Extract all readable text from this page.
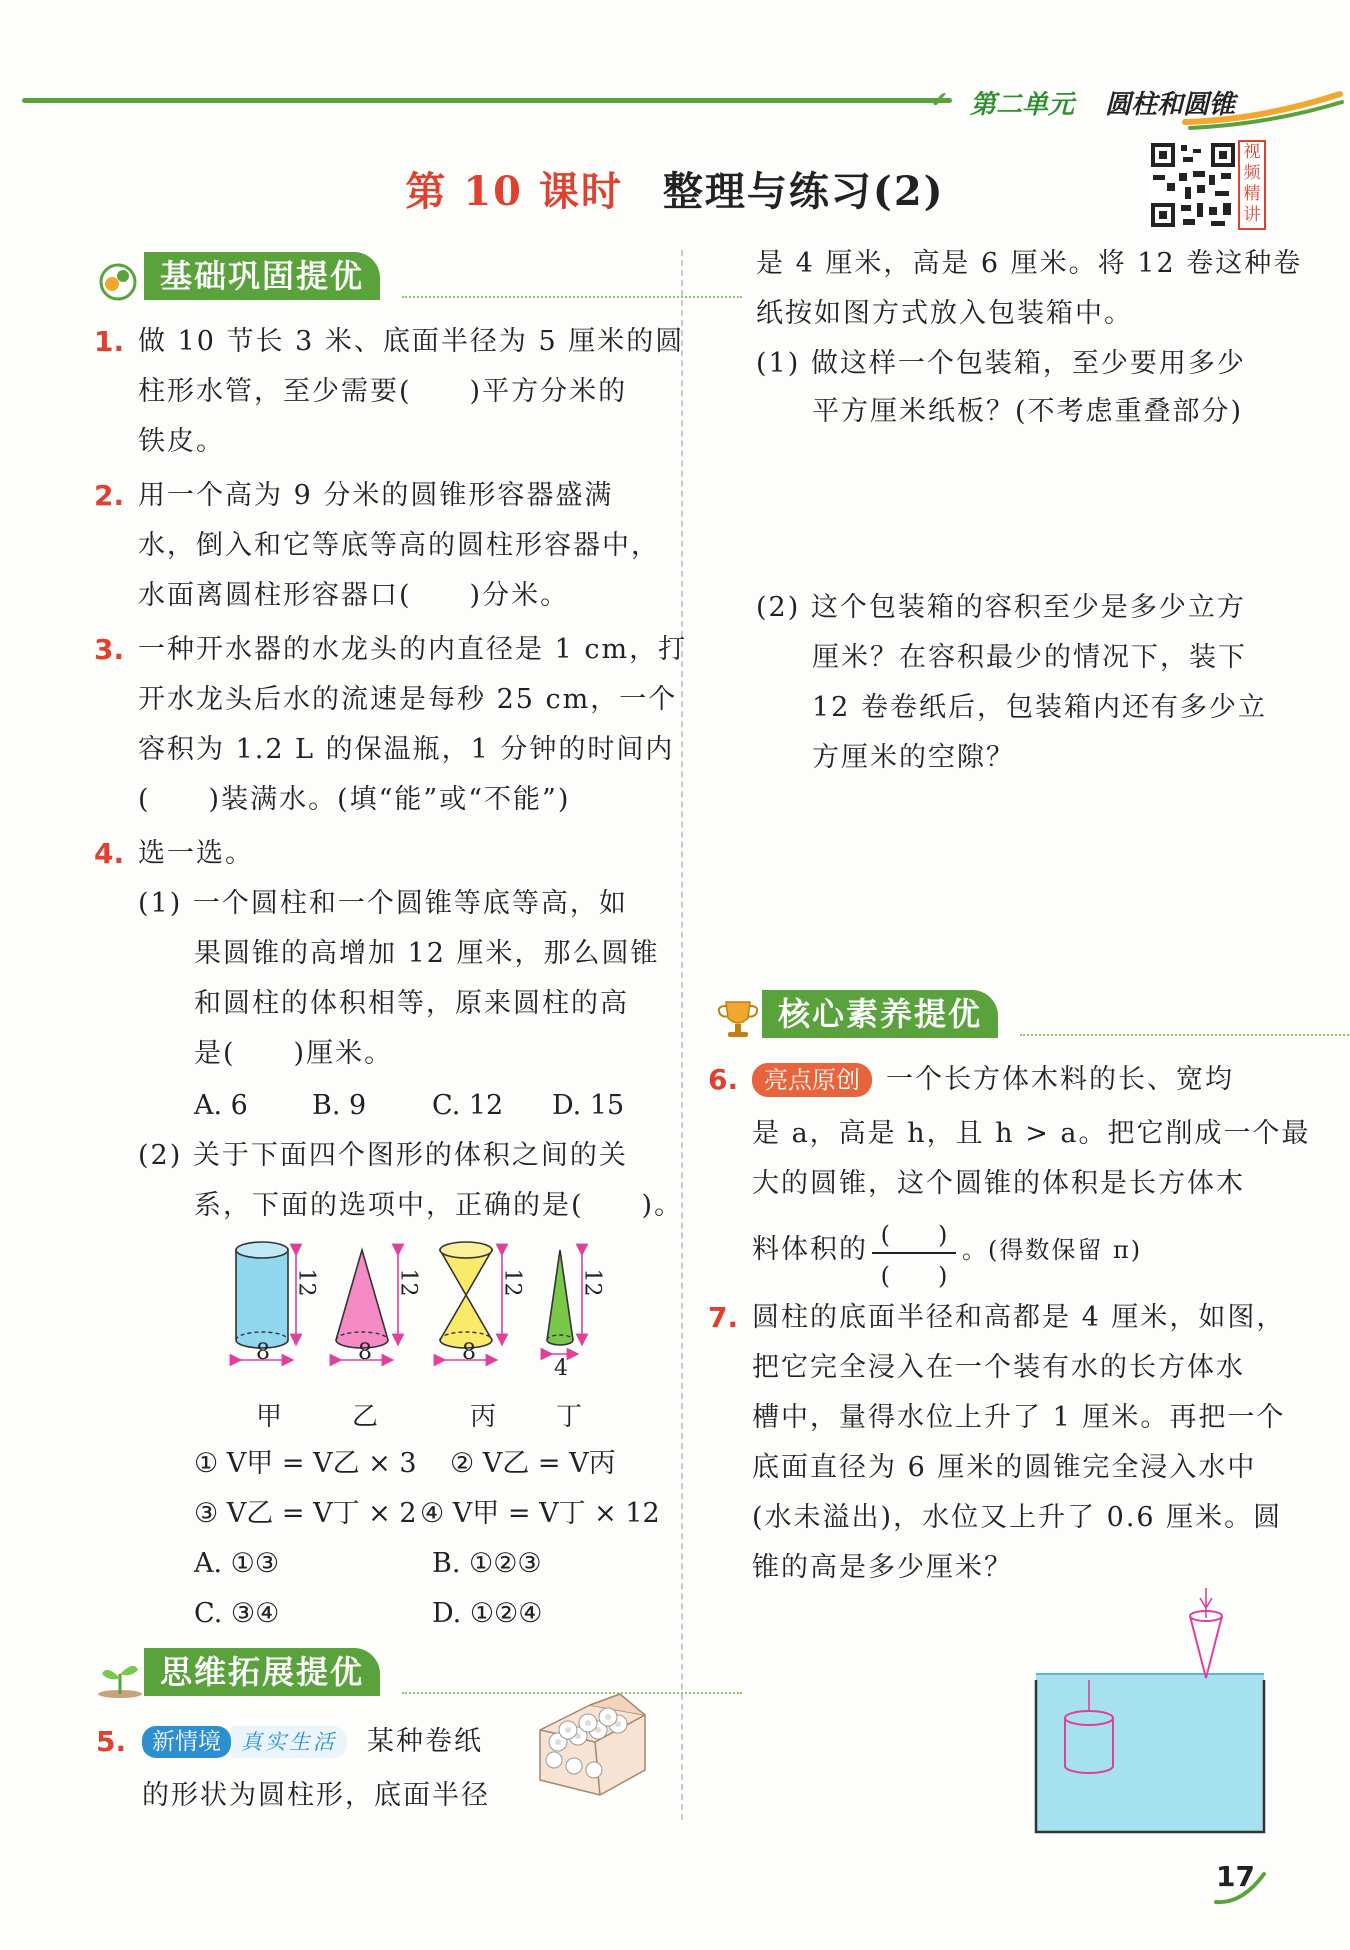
✔ 第二单元 圆柱和圆锥
第 10 课时 整理与练习(2)
视频精讲
基础巩固提优
1. 做 10 节长 3 米、底面半径为 5 厘米的圆
柱形水管，至少需要(　　)平方分米的
铁皮。
2. 用一个高为 9 分米的圆锥形容器盛满
水，倒入和它等底等高的圆柱形容器中，
水面离圆柱形容器口(　　)分米。
3. 一种开水器的水龙头的内直径是 1 cm，打
开水龙头后水的流速是每秒 25 cm，一个
容积为 1.2 L 的保温瓶，1 分钟的时间内
(　　)装满水。(填“能”或“不能”)
4. 选一选。
(1) 一个圆柱和一个圆锥等底等高，如
果圆锥的高增加 12 厘米，那么圆锥
和圆柱的体积相等，原来圆柱的高
是(　　)厘米。
A. 6 B. 9 C. 12 D. 15
(2) 关于下面四个图形的体积之间的关
系，下面的选项中，正确的是(　　)。
12	12	12	12
8	8	8
4
甲	乙	丙 丁
① V甲 = V乙 × 3 ② V乙 = V丙
③ V乙 = V丁 × 2 ④ V甲 = V丁 × 12
A. ①③	B. ①②③
C. ③④	D. ①②④
思维拓展提优
5.	新情境 真实生活	某种卷纸
的形状为圆柱形，底面半径
是 4 厘米，高是 6 厘米。将 12 卷这种卷
纸按如图方式放入包装箱中。
(1) 做这样一个包装箱，至少要用多少
平方厘米纸板？(不考虑重叠部分)
(2) 这个包装箱的容积至少是多少立方
厘米？在容积最少的情况下，装下
12 卷卷纸后，包装箱内还有多少立
方厘米的空隙？
核心素养提优
6.	亮点原创 一个长方体木料的长、宽均
是 a，高是 h，且 h > a。把它削成一个最
大的圆锥，这个圆锥的体积是长方体木
料体积的 (　　)
(　　)
。(得数保留 π)
7. 圆柱的底面半径和高都是 4 厘米，如图，
把它完全浸入在一个装有水的长方体水
槽中，量得水位上升了 1 厘米。再把一个
底面直径为 6 厘米的圆锥完全浸入水中
(水未溢出)，水位又上升了 0.6 厘米。圆
锥的高是多少厘米？
17
